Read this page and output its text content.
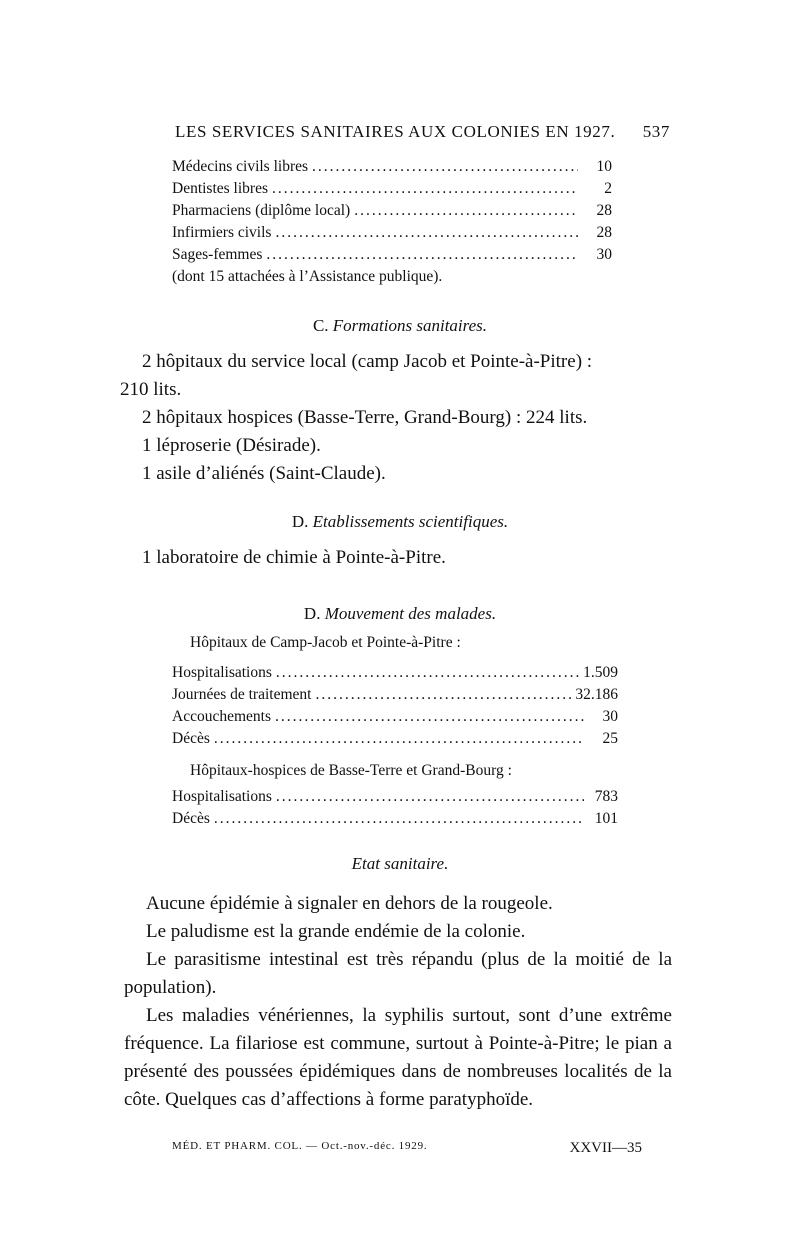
LES SERVICES SANITAIRES AUX COLONIES EN 1927. 537
Médecins civils libres .....	10
Dentistes libres .....	2
Pharmaciens (diplôme local) .....	28
Infirmiers civils .....	28
Sages-femmes .....	30
(dont 15 attachées à l’Assistance publique).
C. Formations sanitaires.
2 hôpitaux du service local (camp Jacob et Pointe-à-Pitre) :
210 lits.
2 hôpitaux hospices (Basse-Terre, Grand-Bourg) : 224 lits.
1 léproserie (Désirade).
1 asile d’aliénés (Saint-Claude).
D. Etablissements scientifiques.
1 laboratoire de chimie à Pointe-à-Pitre.
D. Mouvement des malades.
Hôpitaux de Camp-Jacob et Pointe-à-Pitre :
Hospitalisations .....	1.509
Journées de traitement .....	32.186
Accouchements .....	30
Décès .....	25
Hôpitaux-hospices de Basse-Terre et Grand-Bourg :
Hospitalisations .....	783
Décès .....	101
Etat sanitaire.
Aucune épidémie à signaler en dehors de la rougeole.
Le paludisme est la grande endémie de la colonie.
Le parasitisme intestinal est très répandu (plus de la moitié de la population).
Les maladies vénériennes, la syphilis surtout, sont d’une extrême fréquence. La filariose est commune, surtout à Pointe-à-Pitre; le pian a présenté des poussées épidémiques dans de nombreuses localités de la côte. Quelques cas d’affections à forme paratyphoïde.
MÉD. ET PHARM. COL. — Oct.-nov.-déc. 1929.	XXVII—35
